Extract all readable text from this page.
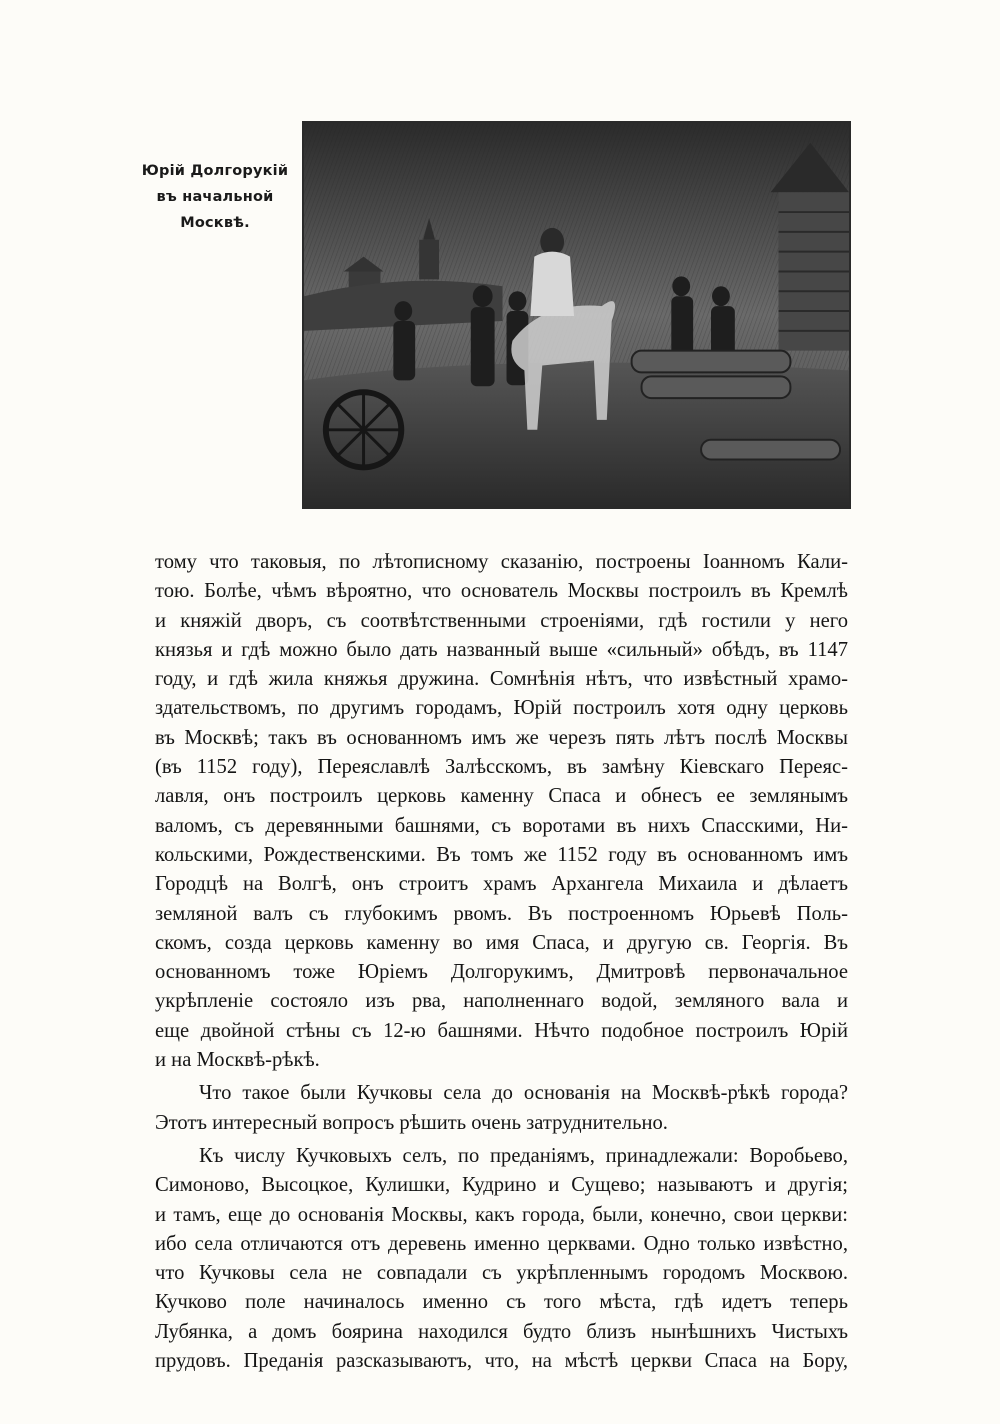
Юрій Долгорукій
въ начальной
Москвѣ.
тому что таковыя, по лѣтописному сказанію, построены Іоанномъ Кали-
тою. Болѣе, чѣмъ вѣроятно, что основатель Москвы построилъ въ Кремлѣ
и княжій дворъ, съ соотвѣтственными строеніями, гдѣ гостили у него
князья и гдѣ можно было дать названный выше «сильный» обѣдъ, въ 1147
году, и гдѣ жила княжья дружина. Сомнѣнія нѣтъ, что извѣстный храмо-
здательствомъ, по другимъ городамъ, Юрій построилъ хотя одну церковь
въ Москвѣ; такъ въ основанномъ имъ же черезъ пять лѣтъ послѣ Москвы
(въ 1152 году), Переяславлѣ Залѣсскомъ, въ замѣну Кіевскаго Переяс-
лавля, онъ построилъ церковь каменну Спаса и обнесъ ее землянымъ
валомъ, съ деревянными башнями, съ воротами въ нихъ Спасскими, Ни-
кольскими, Рождественскими. Въ томъ же 1152 году въ основанномъ имъ
Городцѣ на Волгѣ, онъ строитъ храмъ Архангела Михаила и дѣлаетъ
земляной валъ съ глубокимъ рвомъ. Въ построенномъ Юрьевѣ Поль-
скомъ, созда церковь каменну во имя Спаса, и другую св. Георгія. Въ
основанномъ тоже Юріемъ Долгорукимъ, Дмитровѣ первоначальное
укрѣпленіе состояло изъ рва, наполненнаго водой, земляного вала и
еще двойной стѣны съ 12-ю башнями. Нѣчто подобное построилъ Юрій
и на Москвѣ-рѣкѣ.
Что такое были Кучковы села до основанія на Москвѣ-рѣкѣ города?
Этотъ интересный вопросъ рѣшить очень затруднительно.
Къ числу Кучковыхъ селъ, по преданіямъ, принадлежали: Воробьево,
Симоново, Высоцкое, Кулишки, Кудрино и Сущево; называютъ и другія;
и тамъ, еще до основанія Москвы, какъ города, были, конечно, свои церкви:
ибо села отличаются отъ деревень именно церквами. Одно только извѣстно,
что Кучковы села не совпадали съ укрѣпленнымъ городомъ Москвою.
Кучково поле начиналось именно съ того мѣста, гдѣ идетъ теперь
Лубянка, а домъ боярина находился будто близъ нынѣшнихъ Чистыхъ
прудовъ. Преданія разсказываютъ, что, на мѣстѣ церкви Спаса на Бору,
